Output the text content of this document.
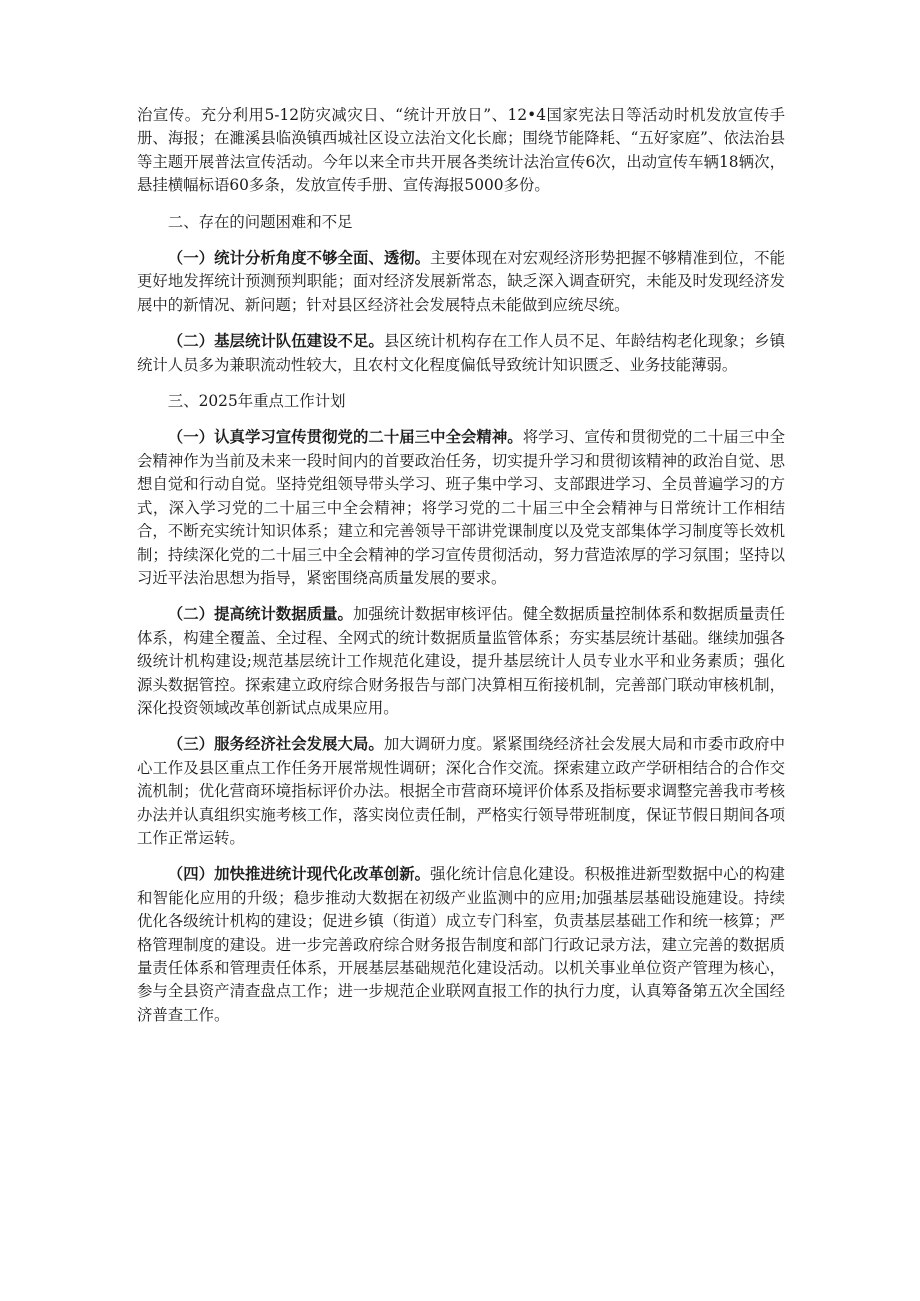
治宣传。充分利用5-12防灾减灾日、“统计开放日”、12•4国家宪法日等活动时机发放宣传手册、海报；在濉溪县临涣镇西城社区设立法治文化长廊；围绕节能降耗、“五好家庭”、依法治县等主题开展普法宣传活动。今年以来全市共开展各类统计法治宣传6次，出动宣传车辆18辆次，悬挂横幅标语60多条，发放宣传手册、宣传海报5000多份。

二、存在的问题困难和不足

（一）统计分析角度不够全面、透彻。主要体现在对宏观经济形势把握不够精准到位，不能更好地发挥统计预测预判职能；面对经济发展新常态，缺乏深入调查研究，未能及时发现经济发展中的新情况、新问题；针对县区经济社会发展特点未能做到应统尽统。

（二）基层统计队伍建设不足。县区统计机构存在工作人员不足、年龄结构老化现象；乡镇统计人员多为兼职流动性较大，且农村文化程度偏低导致统计知识匮乏、业务技能薄弱。

三、2025年重点工作计划

（一）认真学习宣传贯彻党的二十届三中全会精神。将学习、宣传和贯彻党的二十届三中全会精神作为当前及未来一段时间内的首要政治任务，切实提升学习和贯彻该精神的政治自觉、思想自觉和行动自觉。坚持党组领导带头学习、班子集中学习、支部跟进学习、全员普遍学习的方式，深入学习党的二十届三中全会精神；将学习党的二十届三中全会精神与日常统计工作相结合，不断充实统计知识体系；建立和完善领导干部讲党课制度以及党支部集体学习制度等长效机制；持续深化党的二十届三中全会精神的学习宣传贯彻活动，努力营造浓厚的学习氛围；坚持以习近平法治思想为指导，紧密围绕高质量发展的要求。

（二）提高统计数据质量。加强统计数据审核评估。健全数据质量控制体系和数据质量责任体系，构建全覆盖、全过程、全网式的统计数据质量监管体系；夯实基层统计基础。继续加强各级统计机构建设;规范基层统计工作规范化建设，提升基层统计人员专业水平和业务素质；强化源头数据管控。探索建立政府综合财务报告与部门决算相互衔接机制，完善部门联动审核机制，深化投资领域改革创新试点成果应用。

（三）服务经济社会发展大局。加大调研力度。紧紧围绕经济社会发展大局和市委市政府中心工作及县区重点工作任务开展常规性调研；深化合作交流。探索建立政产学研相结合的合作交流机制；优化营商环境指标评价办法。根据全市营商环境评价体系及指标要求调整完善我市考核办法并认真组织实施考核工作，落实岗位责任制，严格实行领导带班制度，保证节假日期间各项工作正常运转。

（四）加快推进统计现代化改革创新。强化统计信息化建设。积极推进新型数据中心的构建和智能化应用的升级；稳步推动大数据在初级产业监测中的应用;加强基层基础设施建设。持续优化各级统计机构的建设；促进乡镇（街道）成立专门科室，负责基层基础工作和统一核算；严格管理制度的建设。进一步完善政府综合财务报告制度和部门行政记录方法，建立完善的数据质量责任体系和管理责任体系，开展基层基础规范化建设活动。以机关事业单位资产管理为核心，参与全县资产清查盘点工作；进一步规范企业联网直报工作的执行力度，认真筹备第五次全国经济普查工作。
